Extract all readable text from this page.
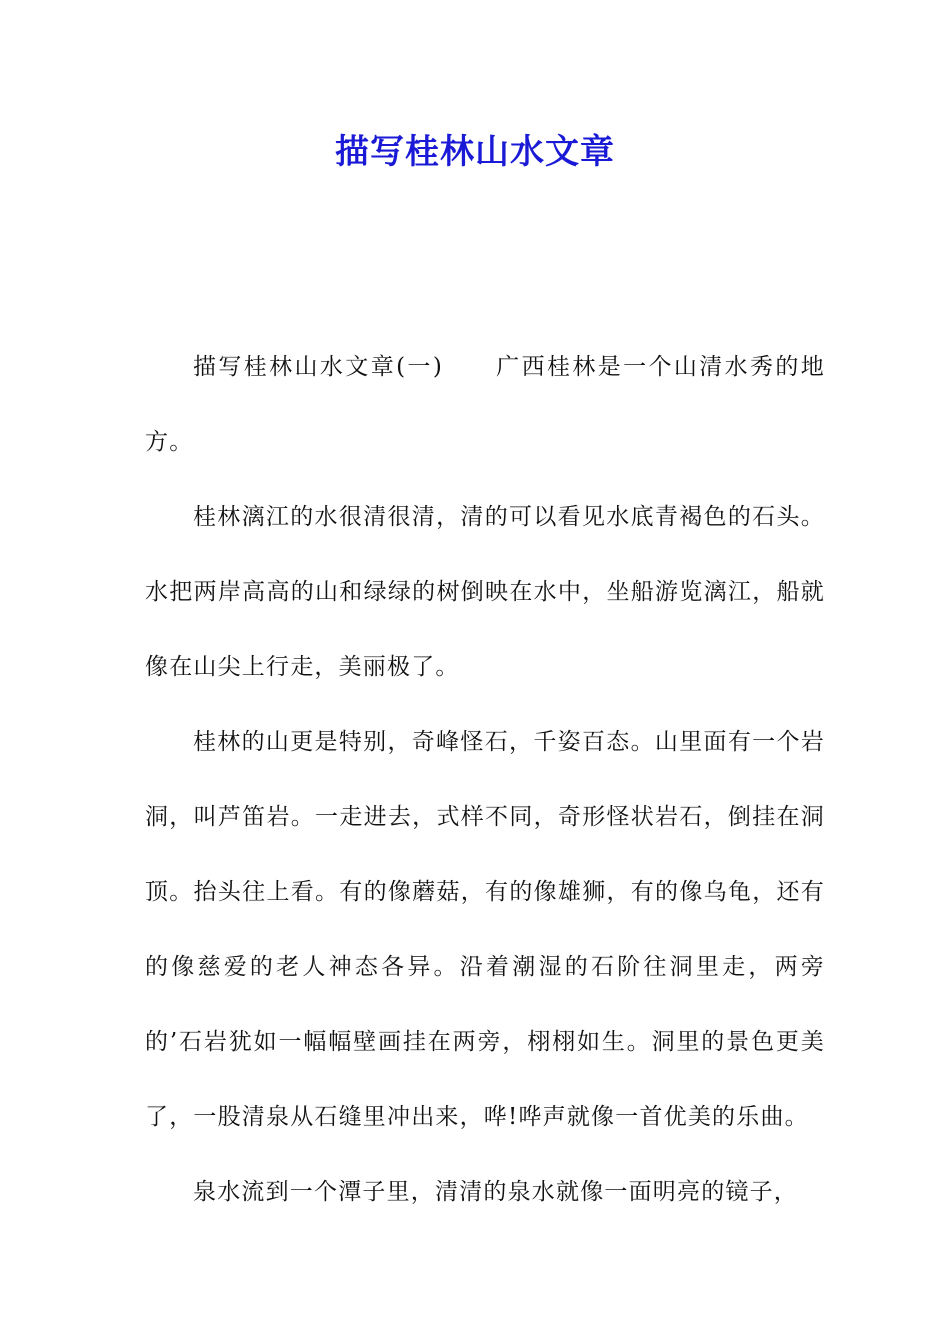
描写桂林山水文章

描写桂林山水文章(一) 广西桂林是一个山清水秀的地方。

桂林漓江的水很清很清，清的可以看见水底青褐色的石头。水把两岸高高的山和绿绿的树倒映在水中，坐船游览漓江，船就像在山尖上行走，美丽极了。

桂林的山更是特别，奇峰怪石，千姿百态。山里面有一个岩洞，叫芦笛岩。一走进去，式样不同，奇形怪状岩石，倒挂在洞顶。抬头往上看。有的像蘑菇，有的像雄狮，有的像乌龟，还有的像慈爱的老人神态各异。沿着潮湿的石阶往洞里走，两旁的’石岩犹如一幅幅壁画挂在两旁，栩栩如生。洞里的景色更美了，一股清泉从石缝里冲出来，哗!哗声就像一首优美的乐曲。

泉水流到一个潭子里，清清的泉水就像一面明亮的镜子，
